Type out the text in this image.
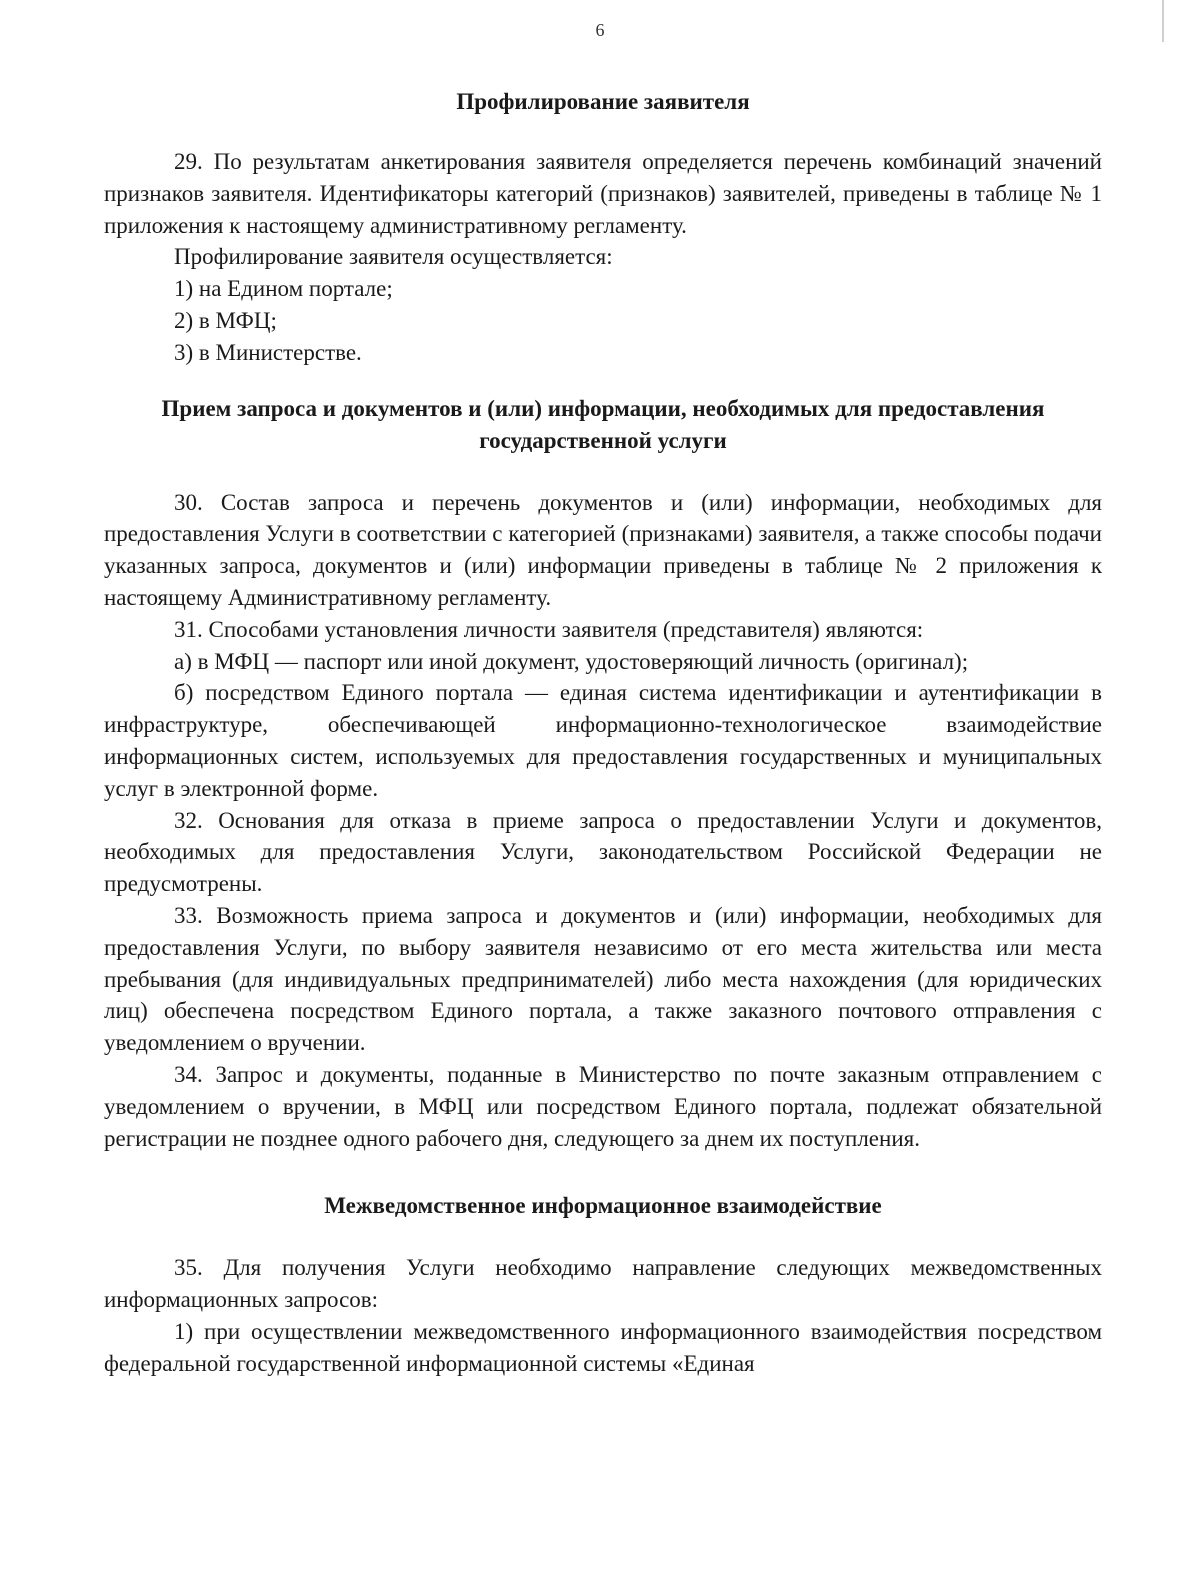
6
Профилирование заявителя

29. По результатам анкетирования заявителя определяется перечень комбинаций значений признаков заявителя. Идентификаторы категорий (признаков) заявителей, приведены в таблице № 1 приложения к настоящему административному регламенту.

Профилирование заявителя осуществляется:

1) на Едином портале;

2) в МФЦ;

3) в Министерстве.

Прием запроса и документов и (или) информации, необходимых для предоставления государственной услуги

30. Состав запроса и перечень документов и (или) информации, необходимых для предоставления Услуги в соответствии с категорией (признаками) заявителя, а также способы подачи указанных запроса, документов и (или) информации приведены в таблице № 2 приложения к настоящему Административному регламенту.

31. Способами установления личности заявителя (представителя) являются:

а) в МФЦ — паспорт или иной документ, удостоверяющий личность (оригинал);

б) посредством Единого портала — единая система идентификации и аутентификации в инфраструктуре, обеспечивающей информационно-технологическое взаимодействие информационных систем, используемых для предоставления государственных и муниципальных услуг в электронной форме.

32. Основания для отказа в приеме запроса о предоставлении Услуги и документов, необходимых для предоставления Услуги, законодательством Российской Федерации не предусмотрены.

33. Возможность приема запроса и документов и (или) информации, необходимых для предоставления Услуги, по выбору заявителя независимо от его места жительства или места пребывания (для индивидуальных предпринимателей) либо места нахождения (для юридических лиц) обеспечена посредством Единого портала, а также заказного почтового отправления с уведомлением о вручении.

34. Запрос и документы, поданные в Министерство по почте заказным отправлением с уведомлением о вручении, в МФЦ или посредством Единого портала, подлежат обязательной регистрации не позднее одного рабочего дня, следующего за днем их поступления.

Межведомственное информационное взаимодействие

35. Для получения Услуги необходимо направление следующих межведомственных информационных запросов:

1) при осуществлении межведомственного информационного взаимодействия посредством федеральной государственной информационной системы «Единая
